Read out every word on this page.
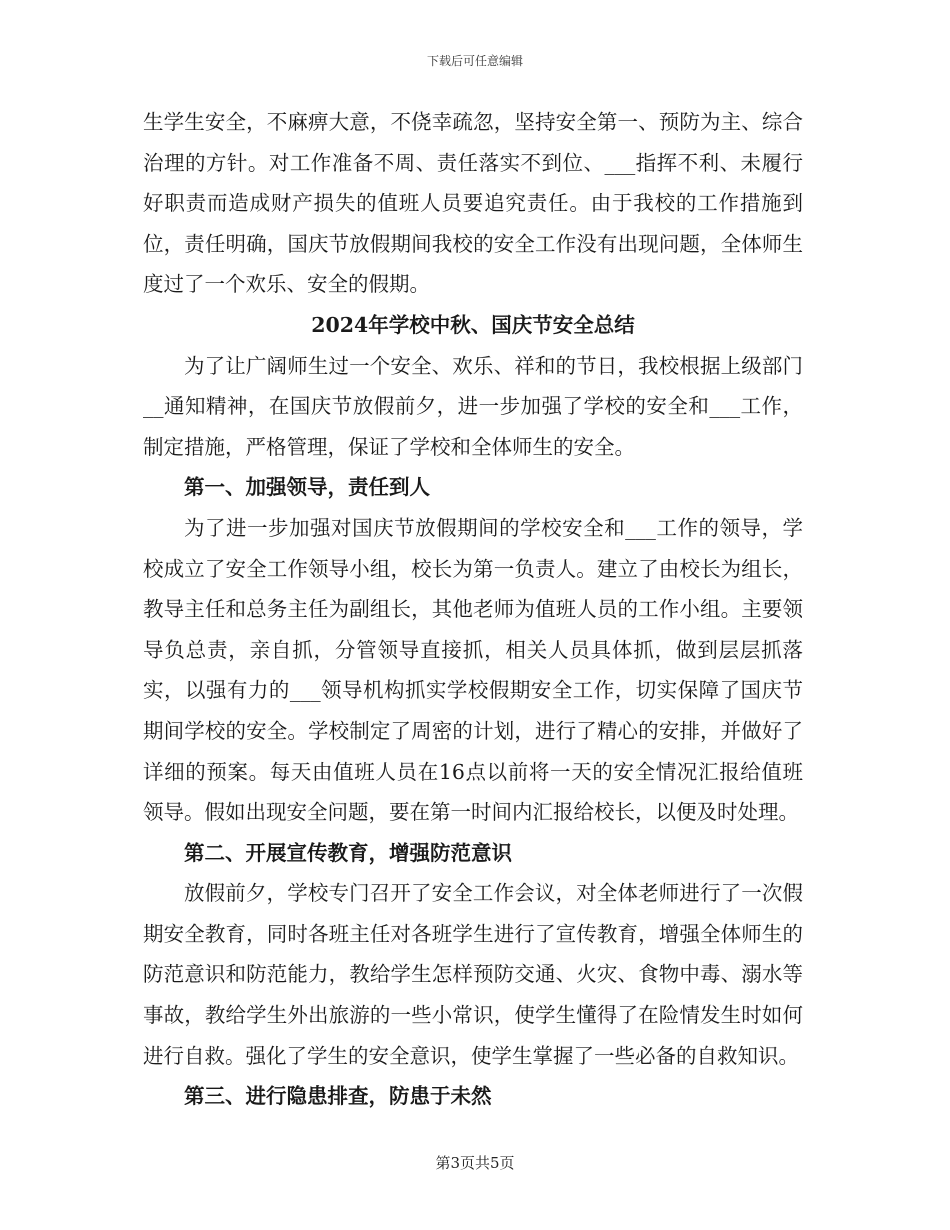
下载后可任意编辑

生学生安全，不麻痹大意，不侥幸疏忽，坚持安全第一、预防为主、综合治理的方针。对工作准备不周、责任落实不到位、___指挥不利、未履行好职责而造成财产损失的值班人员要追究责任。由于我校的工作措施到位，责任明确，国庆节放假期间我校的安全工作没有出现问题，全体师生度过了一个欢乐、安全的假期。

2024年学校中秋、国庆节安全总结

为了让广阔师生过一个安全、欢乐、祥和的节日，我校根据上级部门__通知精神，在国庆节放假前夕，进一步加强了学校的安全和___工作，制定措施，严格管理，保证了学校和全体师生的安全。

第一、加强领导，责任到人

为了进一步加强对国庆节放假期间的学校安全和___工作的领导，学校成立了安全工作领导小组，校长为第一负责人。建立了由校长为组长，教导主任和总务主任为副组长，其他老师为值班人员的工作小组。主要领导负总责，亲自抓，分管领导直接抓，相关人员具体抓，做到层层抓落实，以强有力的___领导机构抓实学校假期安全工作，切实保障了国庆节期间学校的安全。学校制定了周密的计划，进行了精心的安排，并做好了详细的预案。每天由值班人员在16点以前将一天的安全情况汇报给值班领导。假如出现安全问题，要在第一时间内汇报给校长，以便及时处理。

第二、开展宣传教育，增强防范意识

放假前夕，学校专门召开了安全工作会议，对全体老师进行了一次假期安全教育，同时各班主任对各班学生进行了宣传教育，增强全体师生的防范意识和防范能力，教给学生怎样预防交通、火灾、食物中毒、溺水等事故，教给学生外出旅游的一些小常识，使学生懂得了在险情发生时如何进行自救。强化了学生的安全意识，使学生掌握了一些必备的自救知识。

第三、进行隐患排查，防患于未然

第3页共5页
